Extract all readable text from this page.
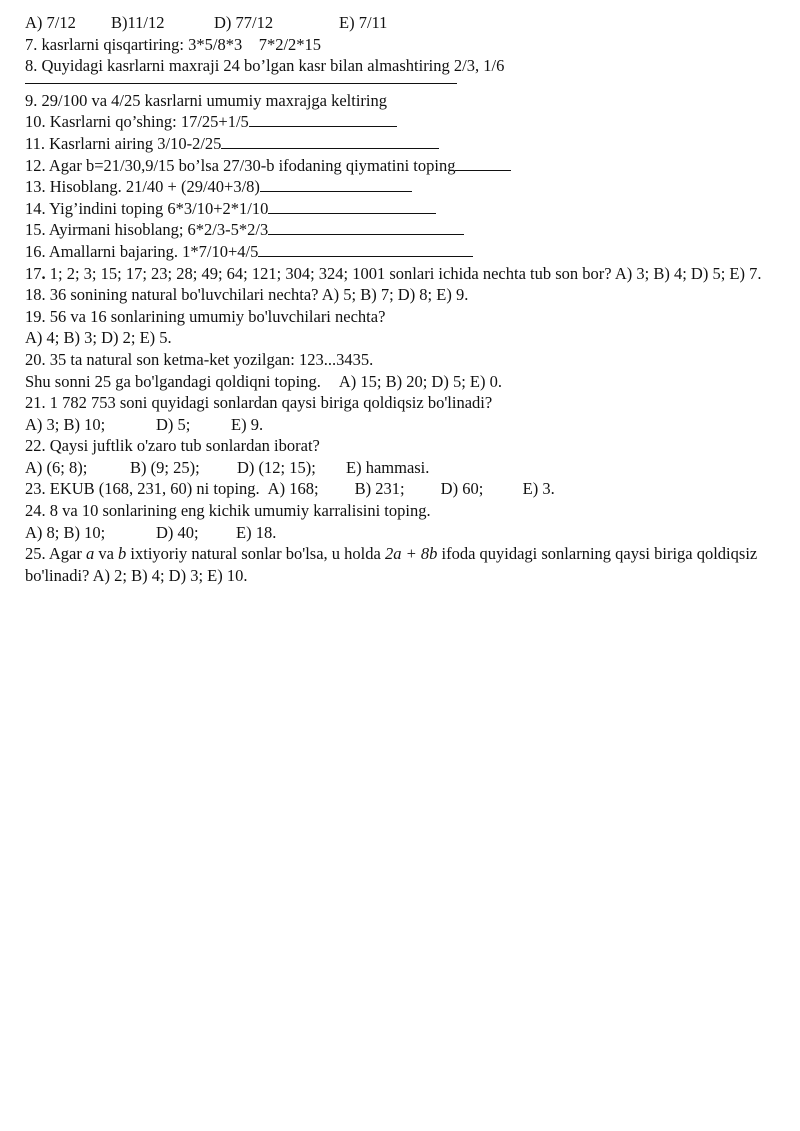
A) 7/12 B)11/12	D) 77/12	E) 7/11
7. kasrlarni qisqartiring: 3*5/8*3    7*2/2*15
8. Quyidagi kasrlarni maxraji 24 bo’lgan kasr bilan almashtiring 2/3, 1/6
9. 29/100 va 4/25 kasrlarni umumiy maxrajga keltiring
10. Kasrlarni qo’shing: 17/25+1/5
11. Kasrlarni airing 3/10-2/25
12. Agar b=21/30,9/15 bo’lsa 27/30-b ifodaning qiymatini toping
13. Hisoblang. 21/40 + (29/40+3/8)
14. Yig’indini toping 6*3/10+2*1/10
15. Ayirmani hisoblang; 6*2/3-5*2/3
16. Amallarni bajaring. 1*7/10+4/5
17. 1; 2; 3; 15; 17; 23; 28; 49; 64; 121; 304; 324; 1001 sonlari ichida nechta tub son bor? A) 3; B) 4; D) 5; E) 7.
18. 36 sonining natural bo'luvchilari nechta? A) 5; B) 7; D) 8; E) 9.
19. 56 va 16 sonlarining umumiy bo'luvchilari nechta?
A) 4; B) 3; D) 2; E) 5.
20. 35 ta natural son ketma-ket yozilgan: 123...3435.
Shu sonni 25 ga bo'lgandagi qoldiqni toping. A) 15; B) 20; D) 5; E) 0.
21. 1 782 753 soni quyidagi sonlardan qaysi biriga qoldiqsiz bo'linadi?
A) 3; B) 10;	D) 5; E) 9.
22. Qaysi juftlik o'zaro tub sonlardan iborat?
A) (6; 8);	B) (9; 25); D) (12; 15); E) hammasi.
23. EKUB (168, 231, 60) ni toping. A) 168; B) 231; D) 60; E) 3.
24. 8 va 10 sonlarining eng kichik umumiy karralisini toping.
A) 8; B) 10;	D) 40; E) 18.
25. Agar a va b ixtiyoriy natural sonlar bo'lsa, u holda 2a + 8b ifoda quyidagi sonlarning qaysi biriga qoldiqsiz bo'linadi? A) 2; B) 4; D) 3; E) 10.
